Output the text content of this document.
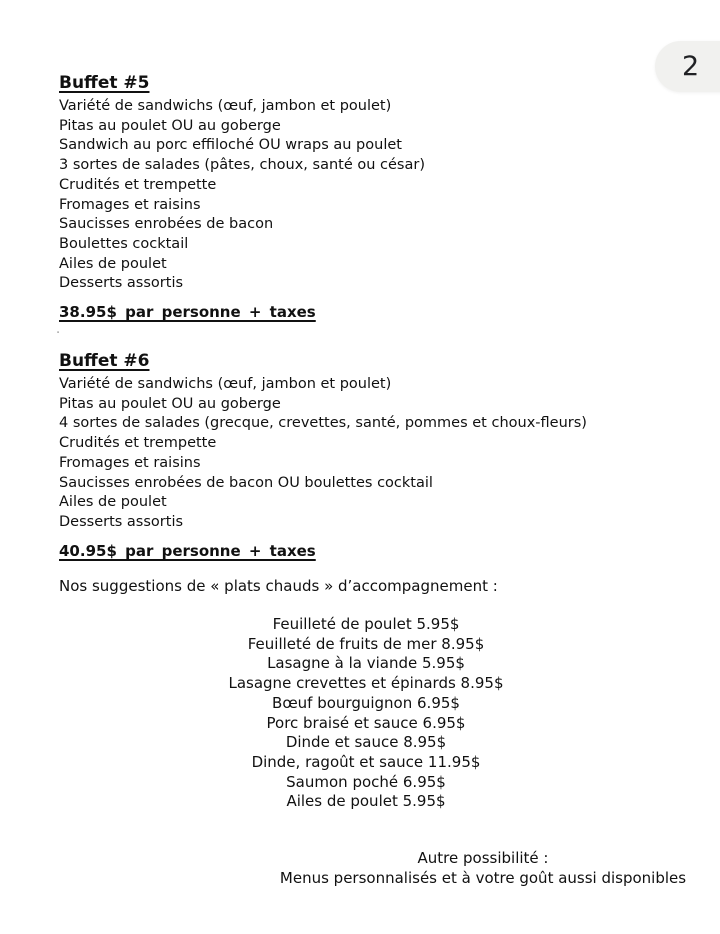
2
Buffet #5
Variété de sandwichs (œuf, jambon et poulet)
Pitas au poulet OU au goberge
Sandwich au porc effiloché OU wraps au poulet
3 sortes de salades (pâtes, choux, santé ou césar)
Crudités et trempette
Fromages et raisins
Saucisses enrobées de bacon
Boulettes cocktail
Ailes de poulet
Desserts assortis
38.95$ par personne + taxes
.
Buffet #6
Variété de sandwichs (œuf, jambon et poulet)
Pitas au poulet OU au goberge
4 sortes de salades (grecque, crevettes, santé, pommes et choux-fleurs)
Crudités et trempette
Fromages et raisins
Saucisses enrobées de bacon OU boulettes cocktail
Ailes de poulet
Desserts assortis
40.95$ par personne + taxes
Nos suggestions de « plats chauds » d’accompagnement :
Feuilleté de poulet 5.95$
Feuilleté de fruits de mer 8.95$
Lasagne à la viande 5.95$
Lasagne crevettes et épinards 8.95$
Bœuf bourguignon 6.95$
Porc braisé et sauce 6.95$
Dinde et sauce 8.95$
Dinde, ragoût et sauce 11.95$
Saumon poché 6.95$
Ailes de poulet 5.95$
Autre possibilité :
Menus personnalisés et à votre goût aussi disponibles
